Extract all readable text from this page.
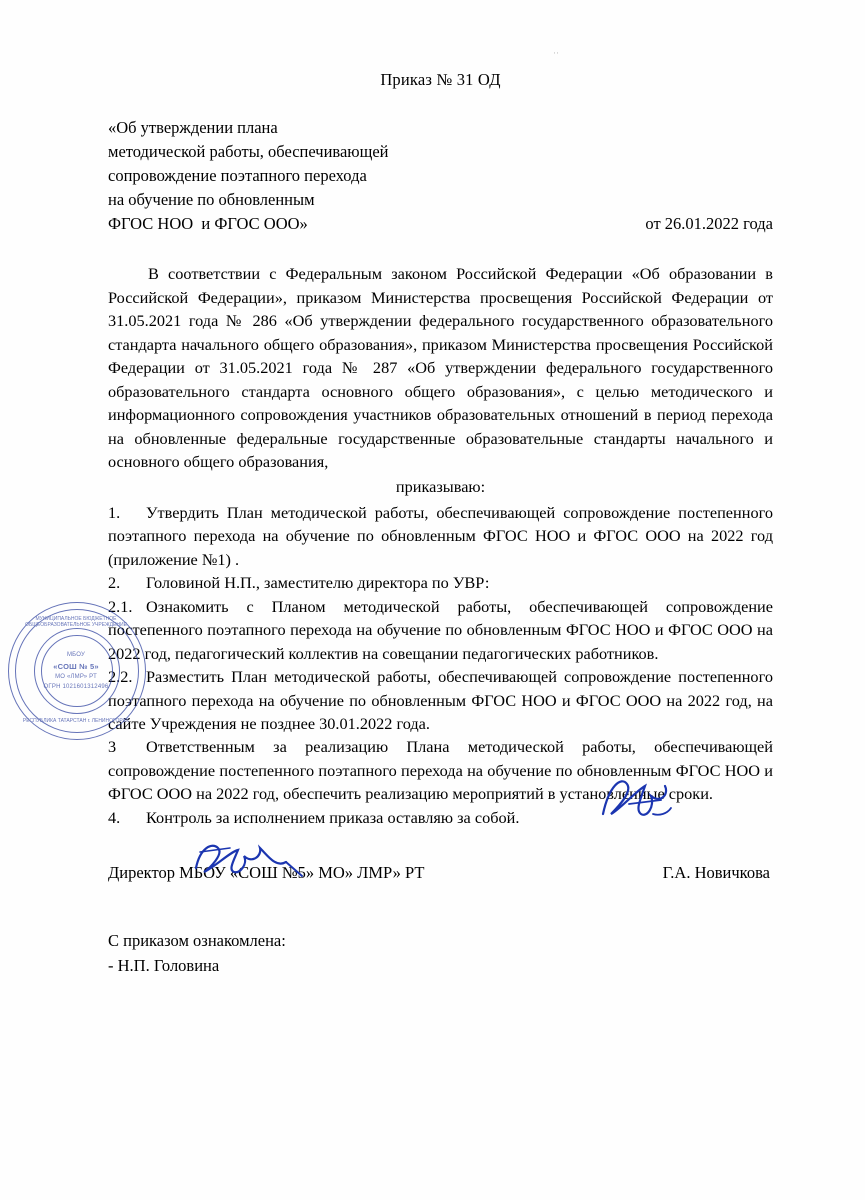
··
Приказ № 31 ОД
«Об утверждении плана
методической работы, обеспечивающей
сопровождение поэтапного перехода
на обучение по обновленным
ФГОС НОО  и ФГОС ООО»	от 26.01.2022 года

В соответствии с Федеральным законом Российской Федерации «Об образовании в Российской Федерации», приказом Министерства просвещения Российской Федерации от 31.05.2021 года № 286 «Об утверждении федерального государственного образовательного стандарта начального общего образования», приказом Министерства просвещения Российской Федерации от 31.05.2021 года № 287 «Об утверждении федерального государственного образовательного стандарта основного общего образования», с целью методического и информационного сопровождения участников образовательных отношений в период перехода на обновленные федеральные государственные образовательные стандарты начального и основного общего образования,

приказываю:

1. Утвердить План методической работы, обеспечивающей сопровождение постепенного поэтапного перехода на обучение по обновленным ФГОС НОО и ФГОС ООО на 2022 год (приложение №1) .

2. Головиной Н.П., заместителю директора по УВР:

2.1. Ознакомить с Планом методической работы, обеспечивающей сопровождение постепенного поэтапного перехода на обучение по обновленным ФГОС НОО и ФГОС ООО на 2022 год, педагогический коллектив на совещании педагогических работников.

2.2. Разместить План методической работы, обеспечивающей сопровождение постепенного поэтапного перехода на обучение по обновленным ФГОС НОО и ФГОС ООО на 2022 год, на сайте Учреждения не позднее 30.01.2022 года.

3 Ответственным за реализацию Плана методической работы, обеспечивающей сопровождение постепенного поэтапного перехода на обучение по обновленным ФГОС НОО и ФГОС ООО на 2022 год, обеспечить реализацию мероприятий в установленные сроки.

4. Контроль за исполнением приказа оставляю за собой.

Директор МБОУ «СОШ №5» МО» ЛМР» РТ	Г.А. Новичкова
С приказом ознакомлена:
- Н.П. Головина
МУНИЦИПАЛЬНОЕ БЮДЖЕТНОЕ ОБЩЕОБРАЗОВАТЕЛЬНОЕ УЧРЕЖДЕНИЕ
МБОУ
«СОШ № 5»
МО «ЛМР» РТ
ОГРН 1021601312496
РЕСПУБЛИКА ТАТАРСТАН г. ЛЕНИНОГОРСК
